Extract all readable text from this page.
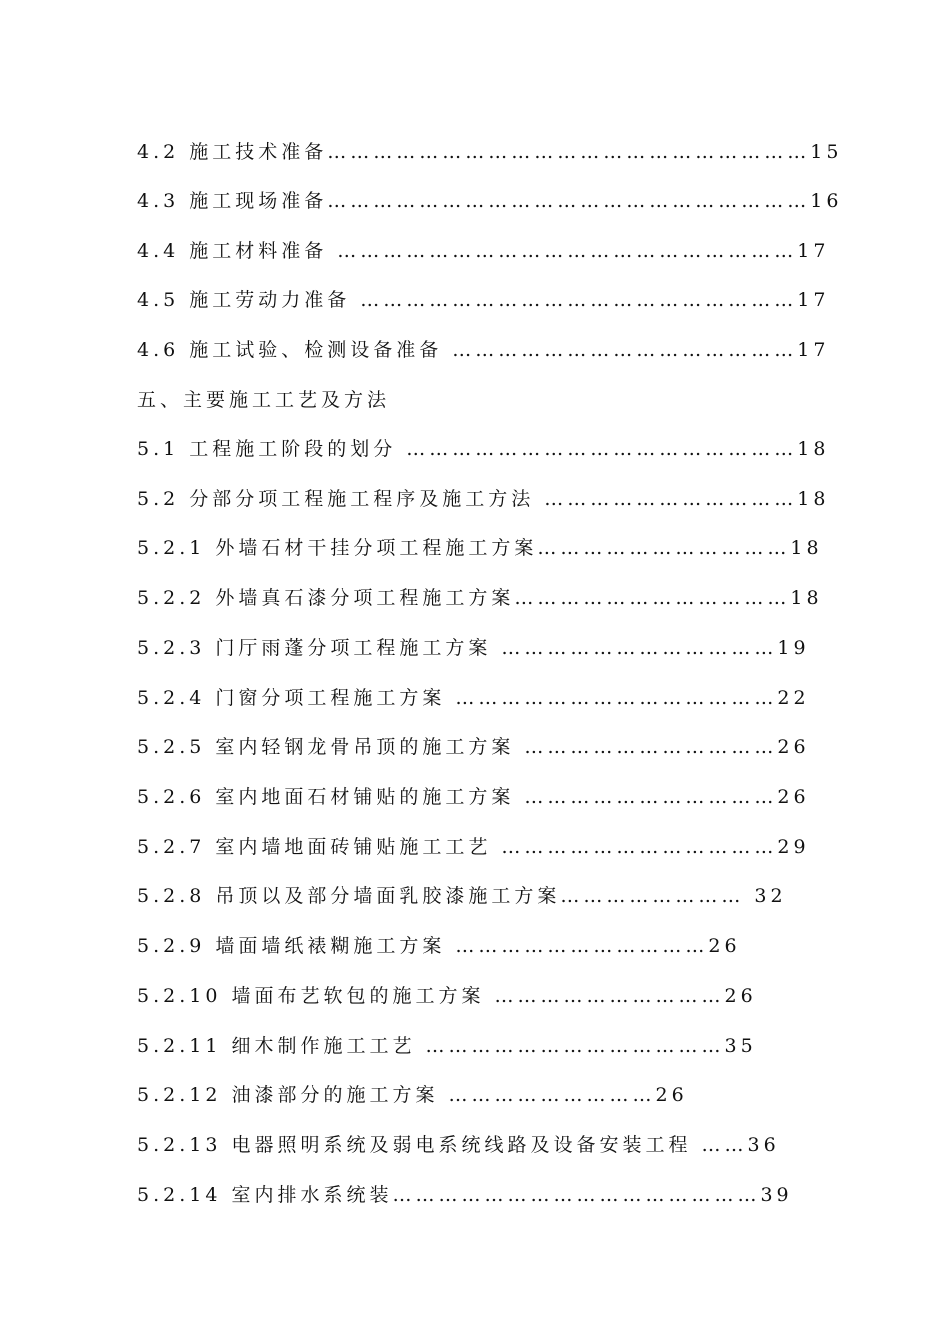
4.2 施工技术准备………………………………………………………15
4.3 施工现场准备………………………………………………………16
4.4 施工材料准备 ……………………………………………………17
4.5 施工劳动力准备 …………………………………………………17
4.6 施工试验、检测设备准备 ………………………………………17
五、主要施工工艺及方法
5.1 工程施工阶段的划分 ……………………………………………18
5.2 分部分项工程施工程序及施工方法 ……………………………18
5.2.1 外墙石材干挂分项工程施工方案……………………………18
5.2.2 外墙真石漆分项工程施工方案………………………………18
5.2.3 门厅雨蓬分项工程施工方案 ………………………………19
5.2.4 门窗分项工程施工方案 ……………………………………22
5.2.5 室内轻钢龙骨吊顶的施工方案 ……………………………26
5.2.6 室内地面石材铺贴的施工方案 ……………………………26
5.2.7 室内墙地面砖铺贴施工工艺 ………………………………29
5.2.8 吊顶以及部分墙面乳胶漆施工方案…………………… 32
5.2.9 墙面墙纸裱糊施工方案 ……………………………26
5.2.10 墙面布艺软包的施工方案 …………………………26
5.2.11 细木制作施工工艺 …………………………………35
5.2.12 油漆部分的施工方案 ………………………26
5.2.13 电器照明系统及弱电系统线路及设备安装工程 ……36
5.2.14 室内排水系统装…………………………………………39
